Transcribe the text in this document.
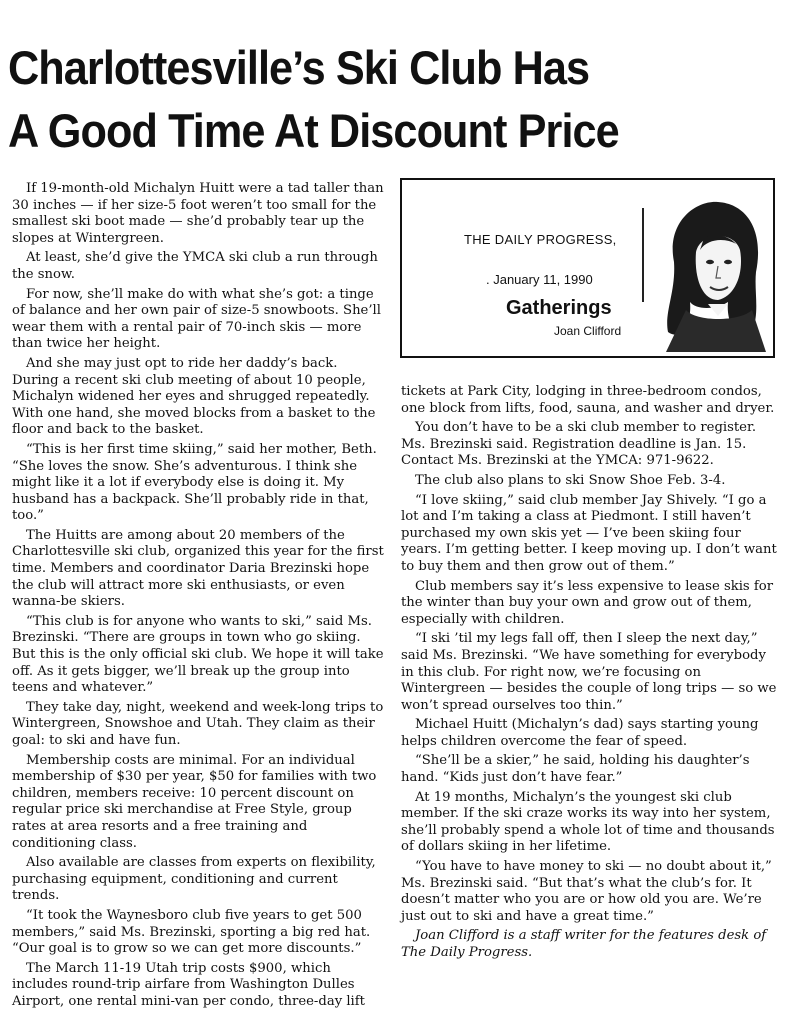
Charlottesville’s Ski Club Has
A Good Time At Discount Price

If 19-month-old Michalyn Huitt were a tad taller than 30 inches — if her size-5 foot weren’t too small for the smallest ski boot made — she’d probably tear up the slopes at Wintergreen.

At least, she’d give the YMCA ski club a run through the snow.

For now, she’ll make do with what she’s got: a tinge of balance and her own pair of size-5 snowboots. She’ll wear them with a rental pair of 70-inch skis — more than twice her height.

And she may just opt to ride her daddy’s back. During a recent ski club meeting of about 10 people, Michalyn widened her eyes and shrugged repeatedly. With one hand, she moved blocks from a basket to the floor and back to the basket.

“This is her first time skiing,” said her mother, Beth. “She loves the snow. She’s adventurous. I think she might like it a lot if everybody else is doing it. My husband has a backpack. She’ll probably ride in that, too.”

The Huitts are among about 20 members of the Charlottesville ski club, organized this year for the first time. Members and coordinator Daria Brezinski hope the club will attract more ski enthusiasts, or even wanna-be skiers.

“This club is for anyone who wants to ski,” said Ms. Brezinski. “There are groups in town who go skiing. But this is the only official ski club. We hope it will take off. As it gets bigger, we’ll break up the group into teens and whatever.”

They take day, night, weekend and week-long trips to Wintergreen, Snowshoe and Utah. They claim as their goal: to ski and have fun.

Membership costs are minimal. For an individual membership of $30 per year, $50 for families with two children, members receive: 10 percent discount on regular price ski merchandise at Free Style, group rates at area resorts and a free training and conditioning class.

Also available are classes from experts on flexibility, purchasing equipment, conditioning and current trends.

“It took the Waynesboro club five years to get 500 members,” said Ms. Brezinski, sporting a big red hat. “Our goal is to grow so we can get more discounts.”

The March 11-19 Utah trip costs $900, which includes round-trip airfare from Washington Dulles Airport, one rental mini-van per condo, three-day lift

THE DAILY PROGRESS,
. January 11, 1990
Gatherings
Joan Clifford

tickets at Park City, lodging in three-bedroom condos, one block from lifts, food, sauna, and washer and dryer.

You don’t have to be a ski club member to register. Ms. Brezinski said. Registration deadline is Jan. 15. Contact Ms. Brezinski at the YMCA: 971-9622.

The club also plans to ski Snow Shoe Feb. 3-4.

“I love skiing,” said club member Jay Shively. “I go a lot and I’m taking a class at Piedmont. I still haven’t purchased my own skis yet — I’ve been skiing four years. I’m getting better. I keep moving up. I don’t want to buy them and then grow out of them.”

Club members say it’s less expensive to lease skis for the winter than buy your own and grow out of them, especially with children.

“I ski ’til my legs fall off, then I sleep the next day,” said Ms. Brezinski. “We have something for everybody in this club. For right now, we’re focusing on Wintergreen — besides the couple of long trips — so we won’t spread ourselves too thin.”

Michael Huitt (Michalyn’s dad) says starting young helps children overcome the fear of speed.

“She’ll be a skier,” he said, holding his daughter’s hand. “Kids just don’t have fear.”

At 19 months, Michalyn’s the youngest ski club member. If the ski craze works its way into her system, she’ll probably spend a whole lot of time and thousands of dollars skiing in her lifetime.

“You have to have money to ski — no doubt about it,” Ms. Brezinski said. “But that’s what the club’s for. It doesn’t matter who you are or how old you are. We’re just out to ski and have a great time.”

Joan Clifford is a staff writer for the features desk of The Daily Progress.
